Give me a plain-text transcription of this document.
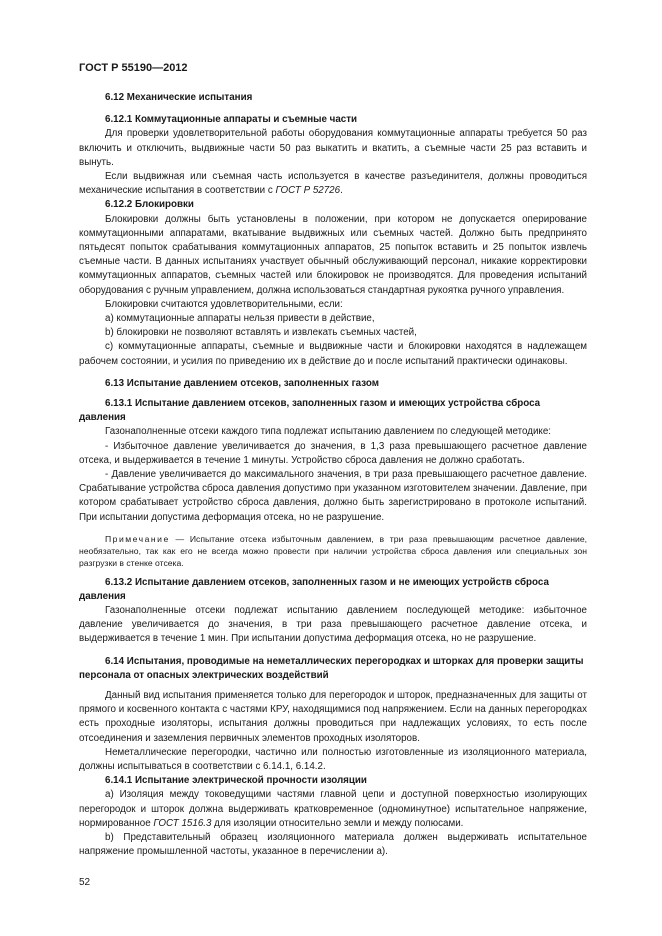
ГОСТ Р 55190—2012

6.12 Механические испытания

6.12.1 Коммутационные аппараты и съемные части

Для проверки удовлетворительной работы оборудования коммутационные аппараты требуется 50 раз включить и отключить, выдвижные части 50 раз выкатить и вкатить, а съемные части 25 раз вставить и вынуть.

Если выдвижная или съемная часть используется в качестве разъединителя, должны проводиться механические испытания в соответствии с ГОСТ Р 52726.

6.12.2 Блокировки

Блокировки должны быть установлены в положении, при котором не допускается оперирование коммутационными аппаратами, вкатывание выдвижных или съемных частей. Должно быть предпринято пятьдесят попыток срабатывания коммутационных аппаратов, 25 попыток вставить и 25 попыток извлечь съемные части. В данных испытаниях участвует обычный обслуживающий персонал, никакие корректировки коммутационных аппаратов, съемных частей или блокировок не производятся. Для проведения испытаний оборудования с ручным управлением, должна использоваться стандартная рукоятка ручного управления.

Блокировки считаются удовлетворительными, если:

а) коммутационные аппараты нельзя привести в действие,

b) блокировки не позволяют вставлять и извлекать съемных частей,

с) коммутационные аппараты, съемные и выдвижные части и блокировки находятся в надлежащем рабочем состоянии, и усилия по приведению их в действие до и после испытаний практически одинаковы.

6.13 Испытание давлением отсеков, заполненных газом

6.13.1 Испытание давлением отсеков, заполненных газом и имеющих устройства сброса давления

Газонаполненные отсеки каждого типа подлежат испытанию давлением по следующей методике:

- Избыточное давление увеличивается до значения, в 1,3 раза превышающего расчетное давление отсека, и выдерживается в течение 1 минуты. Устройство сброса давления не должно сработать.

- Давление увеличивается до максимального значения, в три раза превышающего расчетное давление. Срабатывание устройства сброса давления допустимо при указанном изготовителем значении. Давление, при котором срабатывает устройство сброса давления, должно быть зарегистрировано в протоколе испытаний. При испытании допустима деформация отсека, но не разрушение.

Примечание — Испытание отсека избыточным давлением, в три раза превышающим расчетное давление, необязательно, так как его не всегда можно провести при наличии устройства сброса давления или специальных зон разгрузки в стенке отсека.

6.13.2 Испытание давлением отсеков, заполненных газом и не имеющих устройств сброса давления

Газонаполненные отсеки подлежат испытанию давлением последующей методике: избыточное давление увеличивается до значения, в три раза превышающего расчетное давление отсека, и выдерживается в течение 1 мин. При испытании допустима деформация отсека, но не разрушение.

6.14 Испытания, проводимые на неметаллических перегородках и шторках для проверки защиты персонала от опасных электрических воздействий

Данный вид испытания применяется только для перегородок и шторок, предназначенных для защиты от прямого и косвенного контакта с частями КРУ, находящимися под напряжением. Если на данных перегородках есть проходные изоляторы, испытания должны проводиться при надлежащих условиях, то есть после отсоединения и заземления первичных элементов проходных изоляторов.

Неметаллические перегородки, частично или полностью изготовленные из изоляционного материала, должны испытываться в соответствии с 6.14.1, 6.14.2.

6.14.1 Испытание электрической прочности изоляции

а) Изоляция между токоведущими частями главной цепи и доступной поверхностью изолирующих перегородок и шторок должна выдерживать кратковременное (одноминутное) испытательное напряжение, нормированное ГОСТ 1516.3 для изоляции относительно земли и между полюсами.

b) Представительный образец изоляционного материала должен выдерживать испытательное напряжение промышленной частоты, указанное в перечислении а).

52
